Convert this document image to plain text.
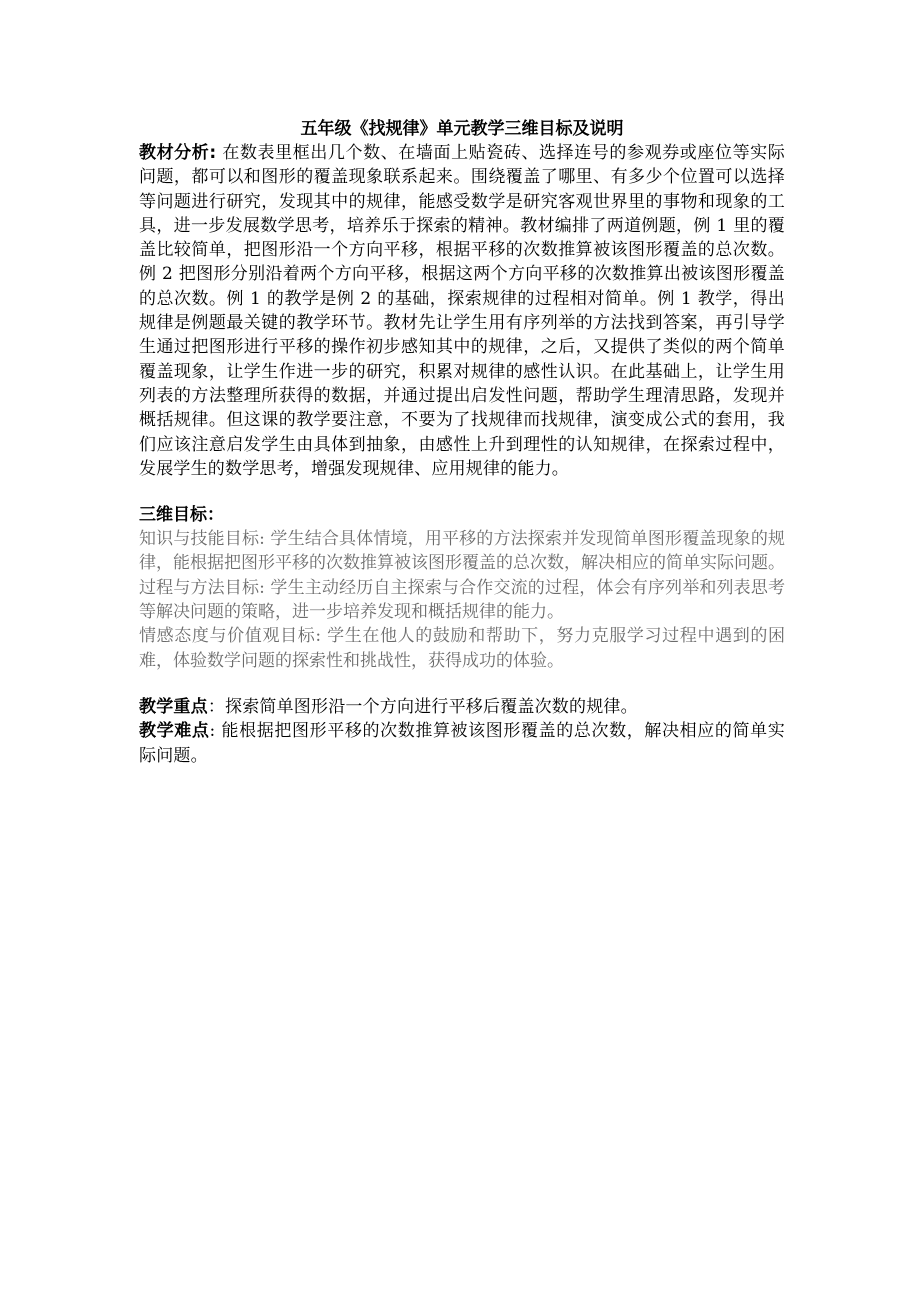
五年级《找规律》单元教学三维目标及说明

教材分析: 在数表里框出几个数、在墙面上贴瓷砖、选择连号的参观券或座位等实际问题，都可以和图形的覆盖现象联系起来。围绕覆盖了哪里、有多少个位置可以选择等问题进行研究，发现其中的规律，能感受数学是研究客观世界里的事物和现象的工具，进一步发展数学思考，培养乐于探索的精神。教材编排了两道例题，例 1 里的覆盖比较简单，把图形沿一个方向平移，根据平移的次数推算被该图形覆盖的总次数。例 2 把图形分别沿着两个方向平移，根据这两个方向平移的次数推算出被该图形覆盖的总次数。例 1 的教学是例 2 的基础，探索规律的过程相对简单。例 1 教学，得出规律是例题最关键的教学环节。教材先让学生用有序列举的方法找到答案，再引导学生通过把图形进行平移的操作初步感知其中的规律，之后，又提供了类似的两个简单覆盖现象，让学生作进一步的研究，积累对规律的感性认识。在此基础上，让学生用列表的方法整理所获得的数据，并通过提出启发性问题，帮助学生理清思路，发现并概括规律。但这课的教学要注意，不要为了找规律而找规律，演变成公式的套用，我们应该注意启发学生由具体到抽象，由感性上升到理性的认知规律，在探索过程中，发展学生的数学思考，增强发现规律、应用规律的能力。

三维目标：

知识与技能目标: 学生结合具体情境，用平移的方法探索并发现简单图形覆盖现象的规律，能根据把图形平移的次数推算被该图形覆盖的总次数，解决相应的简单实际问题。

过程与方法目标: 学生主动经历自主探索与合作交流的过程，体会有序列举和列表思考等解决问题的策略，进一步培养发现和概括规律的能力。

情感态度与价值观目标: 学生在他人的鼓励和帮助下，努力克服学习过程中遇到的困难，体验数学问题的探索性和挑战性，获得成功的体验。

教学重点：探索简单图形沿一个方向进行平移后覆盖次数的规律。

教学难点: 能根据把图形平移的次数推算被该图形覆盖的总次数，解决相应的简单实际问题。
